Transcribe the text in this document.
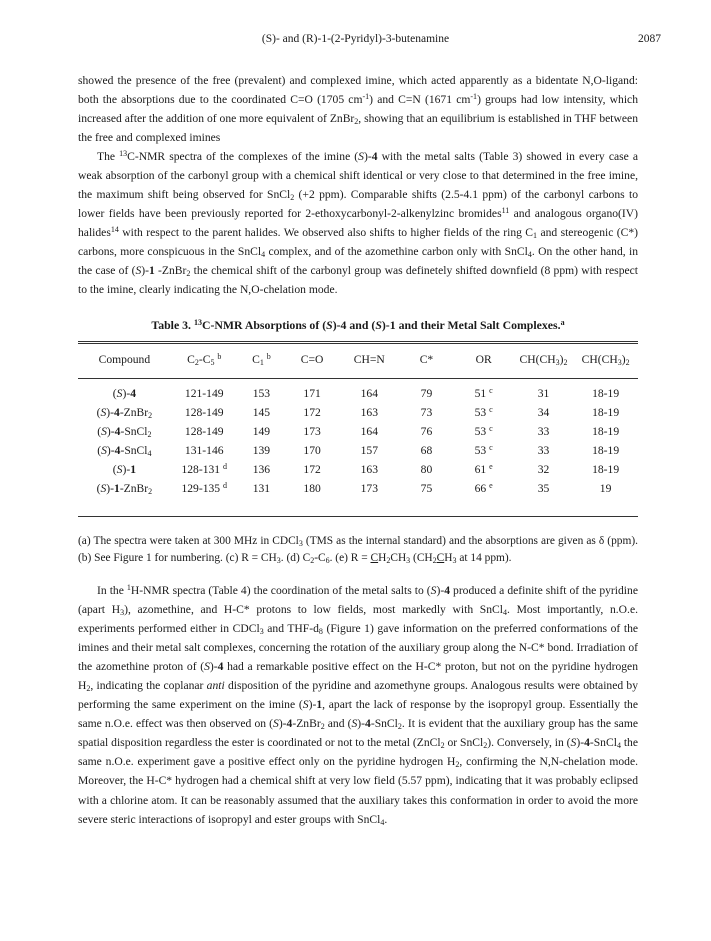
(S)- and (R)-1-(2-Pyridyl)-3-butenamine	2087

showed the presence of the free (prevalent) and complexed imine, which acted apparently as a bidentate N,O-ligand: both the absorptions due to the coordinated C=O (1705 $cm^{-1}$) and C=N (1671 $cm^{-1}$) groups had low intensity, which increased after the addition of one more equivalent of ZnBr$_2$, showing that an equilibrium is established in THF between the free and complexed imines

The $^{13}$C-NMR spectra of the complexes of the imine (S)-4 with the metal salts (Table 3) showed in every case a weak absorption of the carbonyl group with a chemical shift identical or very close to that determined in the free imine, the maximum shift being observed for SnCl$_2$ (+2 ppm). Comparable shifts (2.5-4.1 ppm) of the carbonyl carbons to lower fields have been previously reported for 2-ethoxycarbonyl-2-alkenylzinc bromides$^{11}$ and analogous organo(IV) halides$^{14}$ with respect to the parent halides. We observed also shifts to higher fields of the ring $C_1$ and stereogenic (C*) carbons, more conspicuous in the SnCl$_4$ complex, and of the azomethine carbon only with SnCl$_4$. On the other hand, in the case of (S)-1 -ZnBr$_2$ the chemical shift of the carbonyl group was definetely shifted downfield (8 ppm) with respect to the imine, clearly indicating the N,O-chelation mode.

Table 3. $^{13}$C-NMR Absorptions of (S)-4 and (S)-1 and their Metal Salt Complexes.$^a$
Compound	$C_2-C_5$ $^b$	$C_1$ $^b$	C=O	CH=N	C*	OR	$CH(CH_3)_2$	$CH(CH_3)_2$
(S)-4	121-149	153	171	164	79	51 $^c$	31	18-19
(S)-4-ZnBr$_2$	128-149	145	172	163	73	53 $^c$	34	18-19
(S)-4-SnCl$_2$	128-149	149	173	164	76	53 $^c$	33	18-19
(S)-4-SnCl$_4$	131-146	139	170	157	68	53 $^c$	33	18-19
(S)-1	128-131 $^d$	136	172	163	80	61 $^e$	32	18-19
(S)-1-ZnBr$_2$	129-135 $^d$	131	180	173	75	66 $^e$	35	19
(a) The spectra were taken at 300 MHz in CDCl$_3$ (TMS as the internal standard) and the absorptions are given as δ (ppm). (b) See Figure 1 for numbering. (c) $R = CH_3$. (d) $C_2-C_6$. (e) $R = CH_2CH_3$ ($CH_2CH_3$ at 14 ppm).

In the $^1$H-NMR spectra (Table 4) the coordination of the metal salts to (S)-4 produced a definite shift of the pyridine (apart $H_3$), azomethine, and H-C* protons to low fields, most markedly with SnCl$_4$. Most importantly, n.O.e. experiments performed either in CDCl$_3$ and THF-$d_8$ (Figure 1) gave information on the preferred conformations of the imines and their metal salt complexes, concerning the rotation of the auxiliary group along the N-C* bond. Irradiation of the azomethine proton of (S)-4 had a remarkable positive effect on the H-C* proton, but not on the pyridine hydrogen $H_2$, indicating the coplanar anti disposition of the pyridine and azomethyne groups. Analogous results were obtained by performing the same experiment on the imine (S)-1, apart the lack of response by the isopropyl group. Essentially the same n.O.e. effect was then observed on (S)-4-ZnBr$_2$ and (S)-4-SnCl$_2$. It is evident that the auxiliary group has the same spatial disposition regardless the ester is coordinated or not to the metal (ZnCl$_2$ or SnCl$_2$). Conversely, in (S)-4-SnCl$_4$ the same n.O.e. experiment gave a positive effect only on the pyridine hydrogen $H_2$, confirming the N,N-chelation mode. Moreover, the H-C* hydrogen had a chemical shift at very low field (5.57 ppm), indicating that it was probably eclipsed with a chlorine atom. It can be reasonably assumed that the auxiliary takes this conformation in order to avoid the more severe steric interactions of isopropyl and ester groups with SnCl$_4$.
